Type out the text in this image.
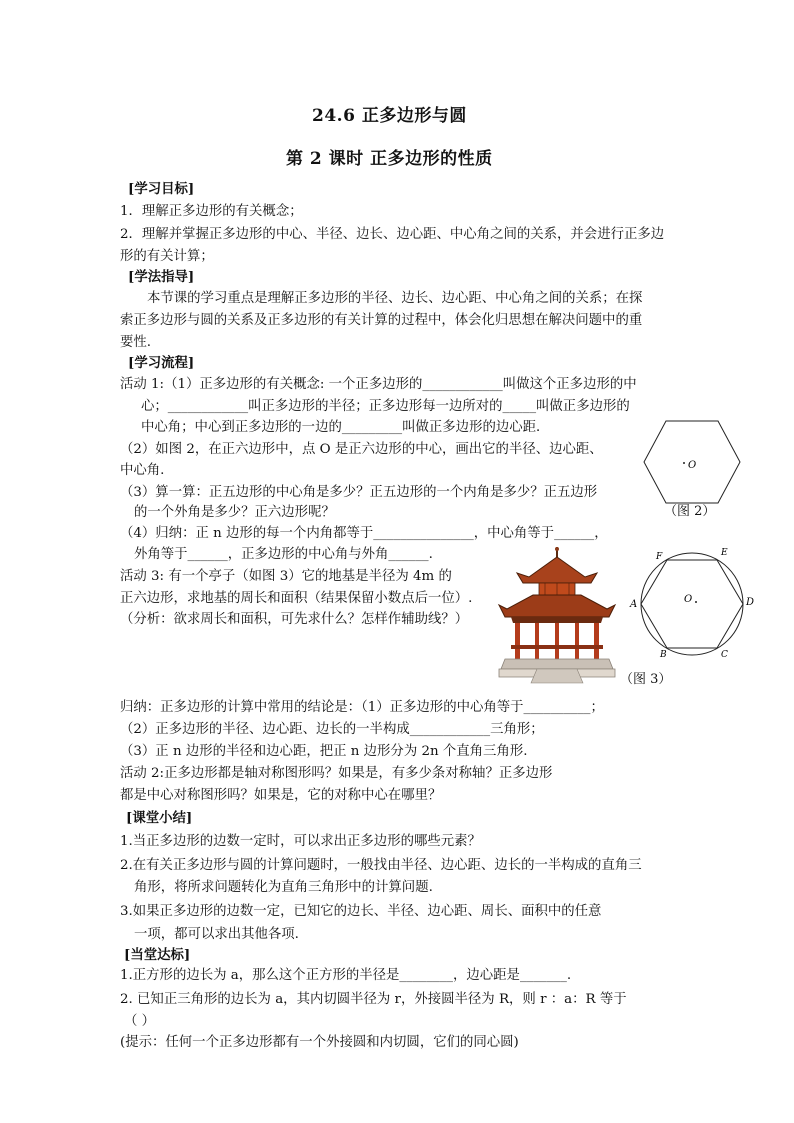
24.6 正多边形与圆
第 2 课时 正多边形的性质
[学习目标]
1．理解正多边形的有关概念；
2．理解并掌握正多边形的中心、半径、边长、边心距、中心角之间的关系，并会进行正多边
形的有关计算；
[学法指导]
本节课的学习重点是理解正多边形的半径、边长、边心距、中心角之间的关系；在探
索正多边形与圆的关系及正多边形的有关计算的过程中，体会化归思想在解决问题中的重
要性.
[学习流程]
活动 1:（1）正多边形的有关概念: 一个正多边形的____________叫做这个正多边形的中
心；____________叫正多边形的半径；正多边形每一边所对的_____叫做正多边形的
中心角；中心到正多边形的一边的_________叫做正多边形的边心距．
（2）如图 2，在正六边形中，点 O 是正六边形的中心，画出它的半径、边心距、
中心角.
（3）算一算：正五边形的中心角是多少？正五边形的一个内角是多少？正五边形
的一个外角是多少？正六边形呢？
（4）归纳：正 n 边形的每一个内角都等于_______________，中心角等于______，
外角等于______，正多边形的中心角与外角______.
活动 3: 有一个亭子（如图 3）它的地基是半径为 4m 的
正六边形，求地基的周长和面积（结果保留小数点后一位）.
（分析：欲求周长和面积，可先求什么？怎样作辅助线？）
归纳：正多边形的计算中常用的结论是：（1）正多边形的中心角等于__________；
（2）正多边形的半径、边心距、边长的一半构成____________三角形；
（3）正 n 边形的半径和边心距，把正 n 边形分为 2n 个直角三角形.
活动 2:正多边形都是轴对称图形吗？如果是，有多少条对称轴？正多边形
都是中心对称图形吗？如果是，它的对称中心在哪里？
[课堂小结]
1.当正多边形的边数一定时，可以求出正多边形的哪些元素？
2.在有关正多边形与圆的计算问题时，一般找由半径、边心距、边长的一半构成的直角三
角形，将所求问题转化为直角三角形中的计算问题.
3.如果正多边形的边数一定，已知它的边长、半径、边心距、周长、面积中的任意
一项，都可以求出其他各项.
[当堂达标]
1.正方形的边长为 a，那么这个正方形的半径是________，边心距是_______.
2. 已知正三角形的边长为 a，其内切圆半径为 r，外接圆半径为 R，则 r ：a：R 等于
（ ）
(提示：任何一个正多边形都有一个外接圆和内切圆，它们的同心圆)
O
（图 2）
O
F	E
A	D
B	C
（图 3）
